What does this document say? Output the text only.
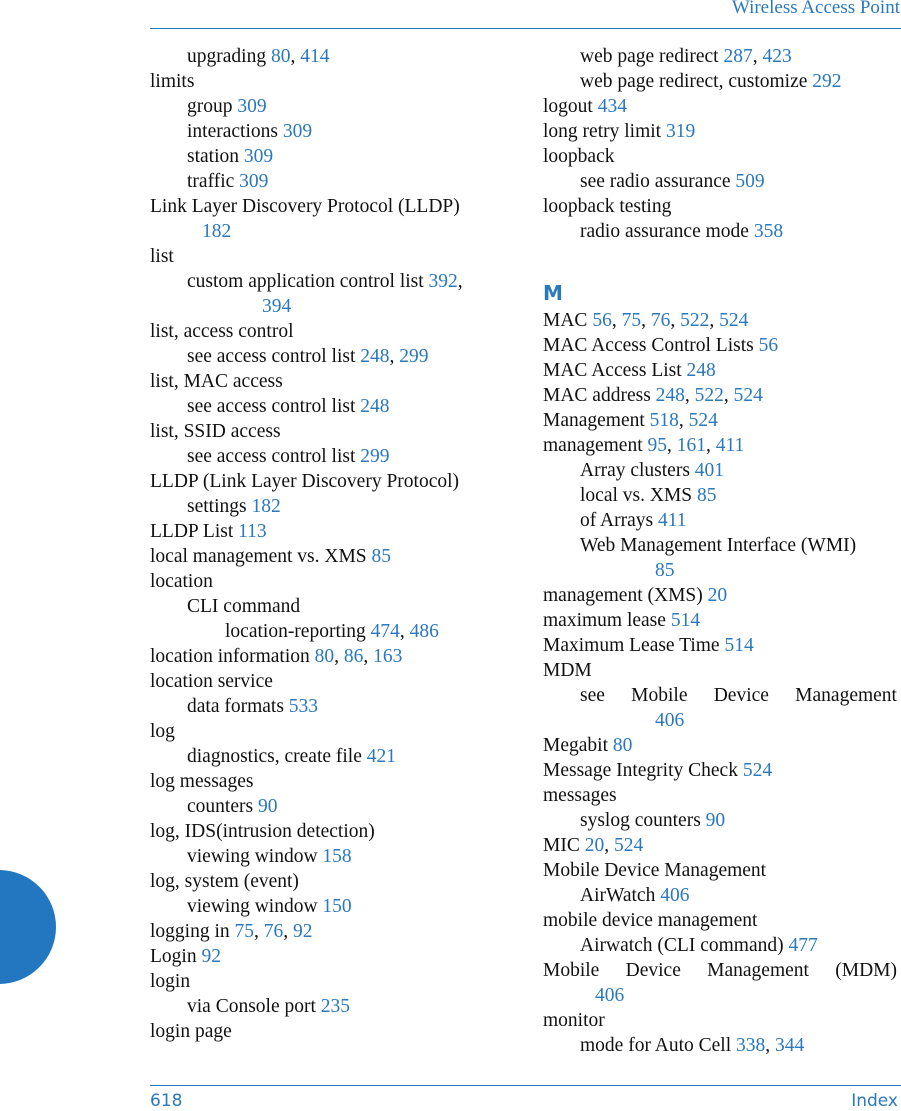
Wireless Access Point
upgrading 80, 414
limits
group 309
interactions 309
station 309
traffic 309
Link Layer Discovery Protocol (LLDP)
182
list
custom application control list 392,
394
list, access control
see access control list 248, 299
list, MAC access
see access control list 248
list, SSID access
see access control list 299
LLDP (Link Layer Discovery Protocol)
settings 182
LLDP List 113
local management vs. XMS 85
location
CLI command
location-reporting 474, 486
location information 80, 86, 163
location service
data formats 533
log
diagnostics, create file 421
log messages
counters 90
log, IDS(intrusion detection)
viewing window 158
log, system (event)
viewing window 150
logging in 75, 76, 92
Login 92
login
via Console port 235
login page
web page redirect 287, 423
web page redirect, customize 292
logout 434
long retry limit 319
loopback
see radio assurance 509
loopback testing
radio assurance mode 358
M
MAC 56, 75, 76, 522, 524
MAC Access Control Lists 56
MAC Access List 248
MAC address 248, 522, 524
Management 518, 524
management 95, 161, 411
Array clusters 401
local vs. XMS 85
of Arrays 411
Web Management Interface (WMI)
85
management (XMS) 20
maximum lease 514
Maximum Lease Time 514
MDM
see Mobile Device Management
406
Megabit 80
Message Integrity Check 524
messages
syslog counters 90
MIC 20, 524
Mobile Device Management
AirWatch 406
mobile device management
Airwatch (CLI command) 477
Mobile Device Management (MDM)
406
monitor
mode for Auto Cell 338, 344
618	Index
